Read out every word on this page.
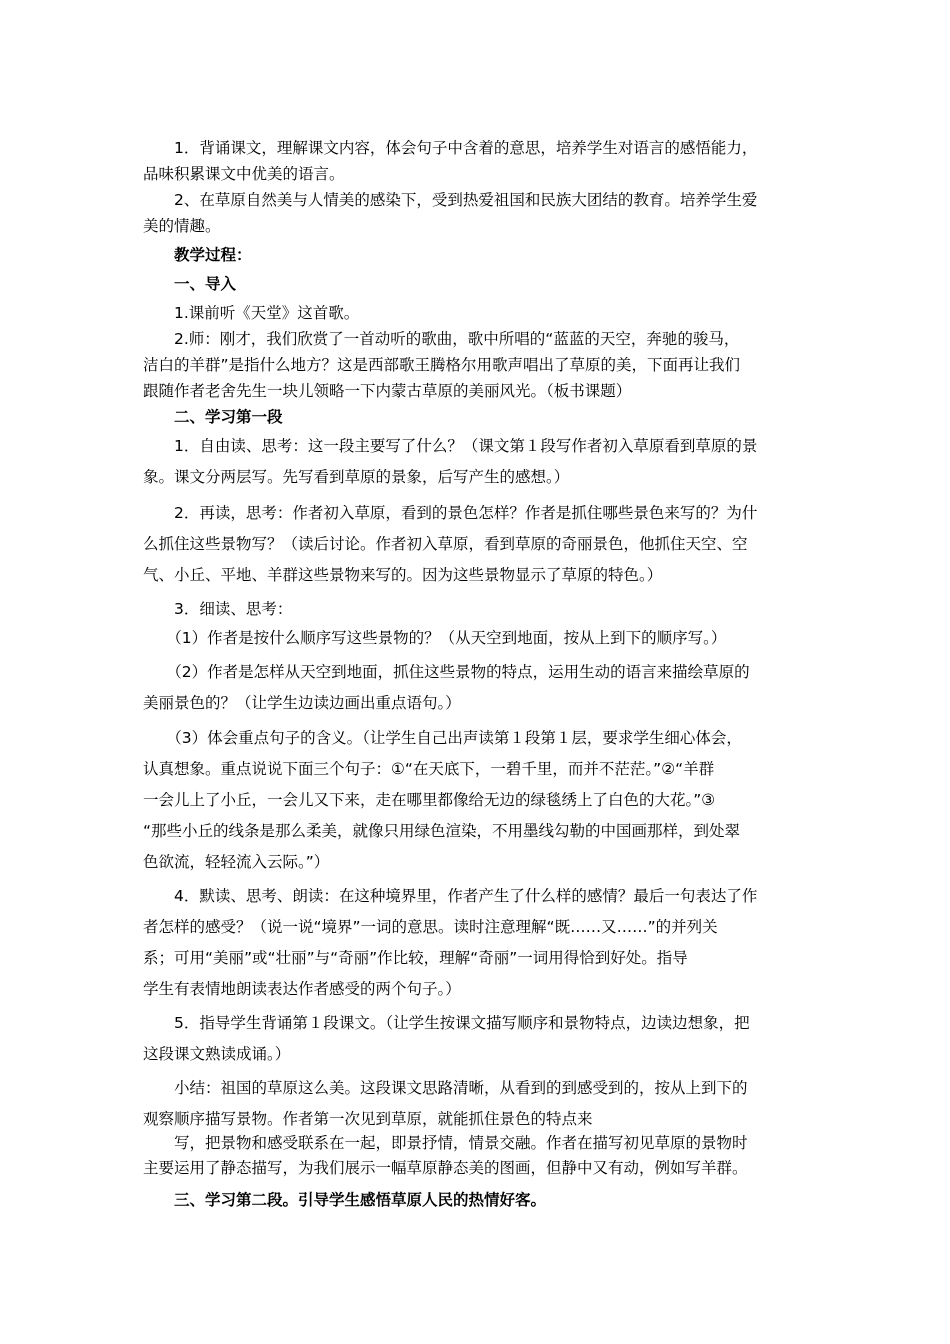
　　1．背诵课文，理解课文内容，体会句子中含着的意思，培养学生对语言的感悟能力，
品味积累课文中优美的语言。
　　2、在草原自然美与人情美的感染下，受到热爱祖国和民族大团结的教育。培养学生爱
美的情趣。
　　教学过程：
　　一、导入
　　1.课前听《天堂》这首歌。
　　2.师：刚才，我们欣赏了一首动听的歌曲，歌中所唱的“蓝蓝的天空，奔驰的骏马，
洁白的羊群”是指什么地方？这是西部歌王腾格尔用歌声唱出了草原的美，下面再让我们
跟随作者老舍先生一块儿领略一下内蒙古草原的美丽风光。（板书课题）
　　二、学习第一段
　　1．自由读、思考：这一段主要写了什么？（课文第１段写作者初入草原看到草原的景
象。课文分两层写。先写看到草原的景象，后写产生的感想。）
　　2．再读，思考：作者初入草原，看到的景色怎样？作者是抓住哪些景色来写的？为什
么抓住这些景物写？（读后讨论。作者初入草原，看到草原的奇丽景色，他抓住天空、空
气、小丘、平地、羊群这些景物来写的。因为这些景物显示了草原的特色。）
　　3．细读、思考：
　　（1）作者是按什么顺序写这些景物的？（从天空到地面，按从上到下的顺序写。）
　　（2）作者是怎样从天空到地面，抓住这些景物的特点，运用生动的语言来描绘草原的
美丽景色的？（让学生边读边画出重点语句。）
　　（3）体会重点句子的含义。（让学生自己出声读第１段第１层，要求学生细心体会，
认真想象。重点说说下面三个句子：①“在天底下，一碧千里，而并不茫茫。”②“羊群
一会儿上了小丘，一会儿又下来，走在哪里都像给无边的绿毯绣上了白色的大花。”③
“那些小丘的线条是那么柔美，就像只用绿色渲染，不用墨线勾勒的中国画那样，到处翠
色欲流，轻轻流入云际。”）
　　4．默读、思考、朗读：在这种境界里，作者产生了什么样的感情？最后一句表达了作
者怎样的感受？（说一说“境界”一词的意思。读时注意理解“既……又……”的并列关
系；可用“美丽”或“壮丽”与“奇丽”作比较，理解“奇丽”一词用得恰到好处。指导
学生有表情地朗读表达作者感受的两个句子。）
　　5．指导学生背诵第１段课文。（让学生按课文描写顺序和景物特点，边读边想象，把
这段课文熟读成诵。）
　　小结：祖国的草原这么美。这段课文思路清晰，从看到的到感受到的，按从上到下的
观察顺序描写景物。作者第一次见到草原，就能抓住景色的特点来
　　写，把景物和感受联系在一起，即景抒情，情景交融。作者在描写初见草原的景物时
主要运用了静态描写，为我们展示一幅草原静态美的图画，但静中又有动，例如写羊群。
　　三、学习第二段。引导学生感悟草原人民的热情好客。
